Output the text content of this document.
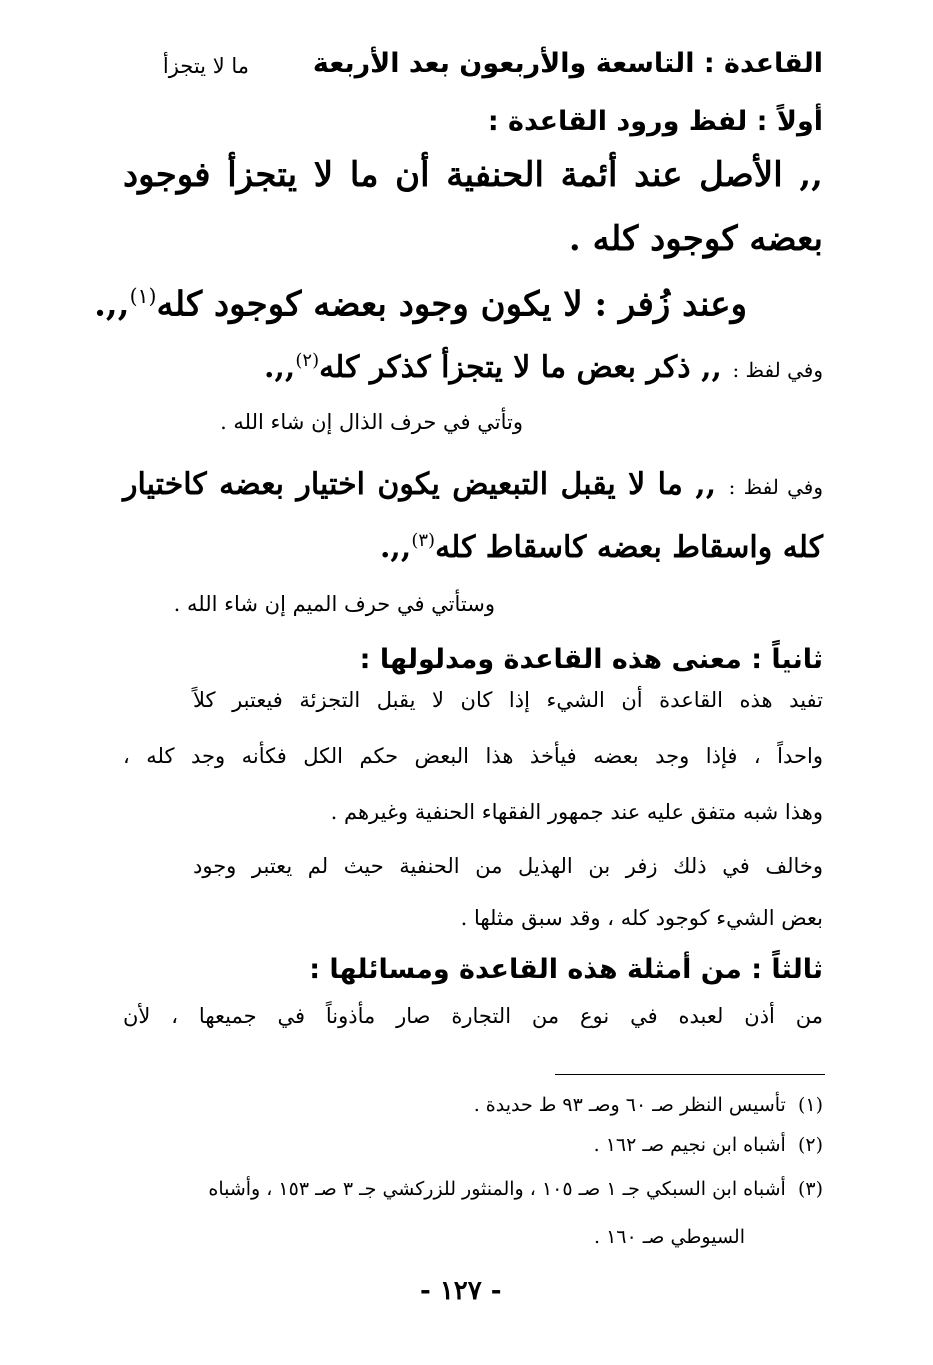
القاعدة : التاسعة والأربعون بعد الأربعة
ما لا يتجزأ
أولاً : لفظ ورود القاعدة :
,, الأصل عند أئمة الحنفية أن ما لا يتجزأ فوجود
بعضه كوجود كله .
وعند زُفر : لا يكون وجود بعضه كوجود كله$^{(١)}$,,.
وفي لفظ : ,, ذكر بعض ما لا يتجزأ كذكر كله$^{(٢)}$,,.
وتأتي في حرف الذال إن شاء الله .
وفي لفظ : ,, ما لا يقبل التبعيض يكون اختيار بعضه كاختيار
كله واسقاط بعضه كاسقاط كله$^{(٣)}$,,.
وستأتي في حرف الميم إن شاء الله .
ثانياً : معنى هذه القاعدة ومدلولها :
تفيد هذه القاعدة أن الشيء إذا كان لا يقبل التجزئة فيعتبر كلاً
واحداً ، فإذا وجد بعضه فيأخذ هذا البعض حكم الكل فكأنه وجد كله ،
وهذا شبه متفق عليه عند جمهور الفقهاء الحنفية وغيرهم .
وخالف في ذلك زفر بن الهذيل من الحنفية حيث لم يعتبر وجود
بعض الشيء كوجود كله ، وقد سبق مثلها .
ثالثاً : من أمثلة هذه القاعدة ومسائلها :
من أذن لعبده في نوع من التجارة صار مأذوناً في جميعها ، لأن
(١)  تأسيس النظر صـ ٦٠ وصـ ٩٣ ط حديدة .
(٢)  أشباه ابن نجيم صـ ١٦٢ .
(٣)  أشباه ابن السبكي جـ ١ صـ ١٠٥ ، والمنثور للزركشي جـ ٣ صـ ١٥٣ ، وأشباه
السيوطي صـ ١٦٠ .
- ١٢٧ -
